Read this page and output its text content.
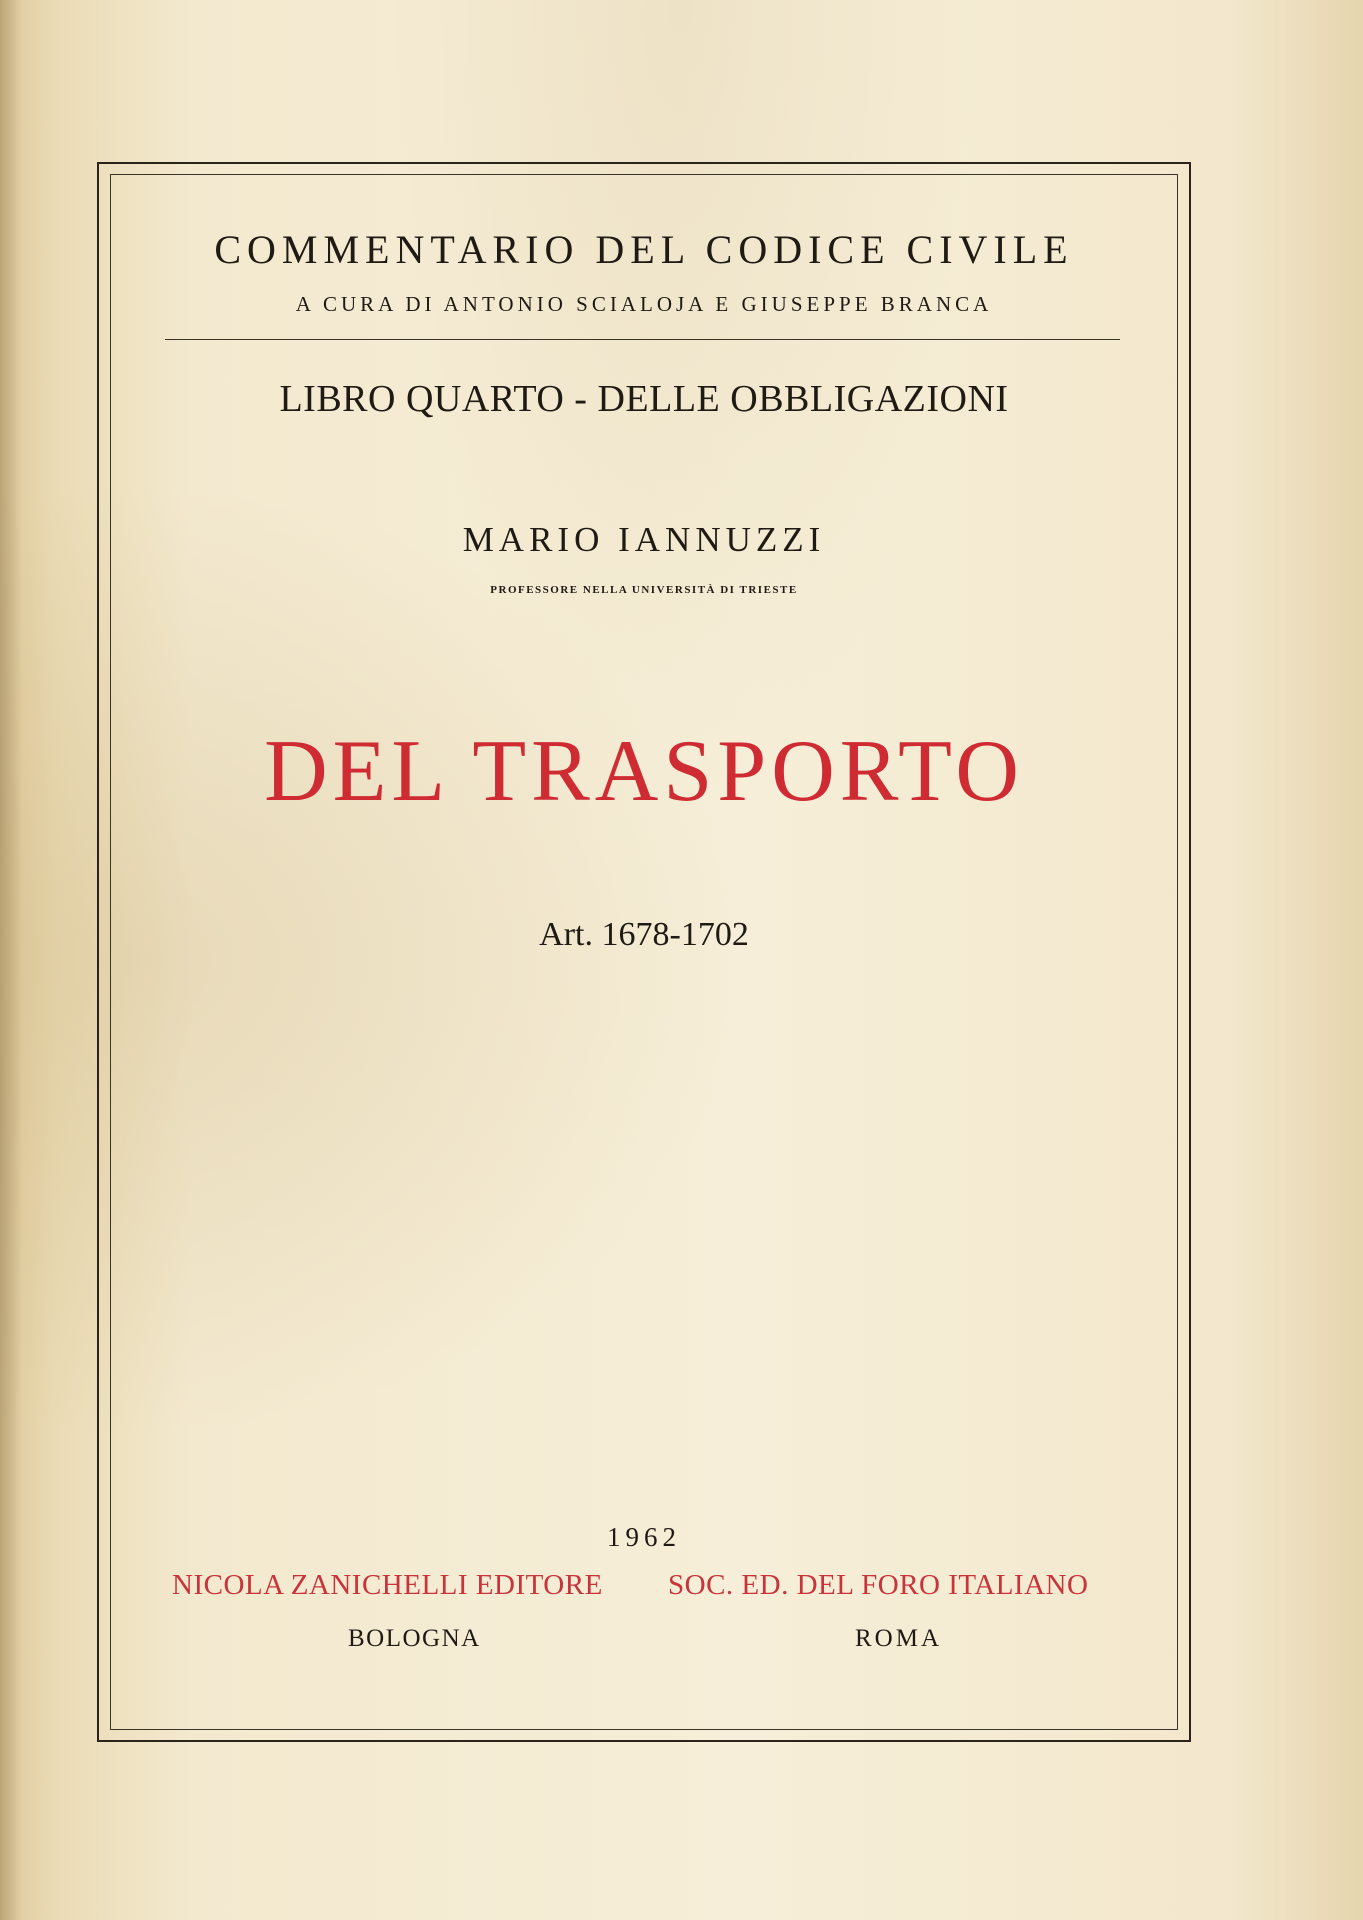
COMMENTARIO DEL CODICE CIVILE
A CURA DI ANTONIO SCIALOJA E GIUSEPPE BRANCA
LIBRO QUARTO - DELLE OBBLIGAZIONI
MARIO IANNUZZI
PROFESSORE NELLA UNIVERSITÀ DI TRIESTE
DEL TRASPORTO
Art. 1678-1702
1962
NICOLA ZANICHELLI EDITORE SOC. ED. DEL FORO ITALIANO
BOLOGNA	ROMA
